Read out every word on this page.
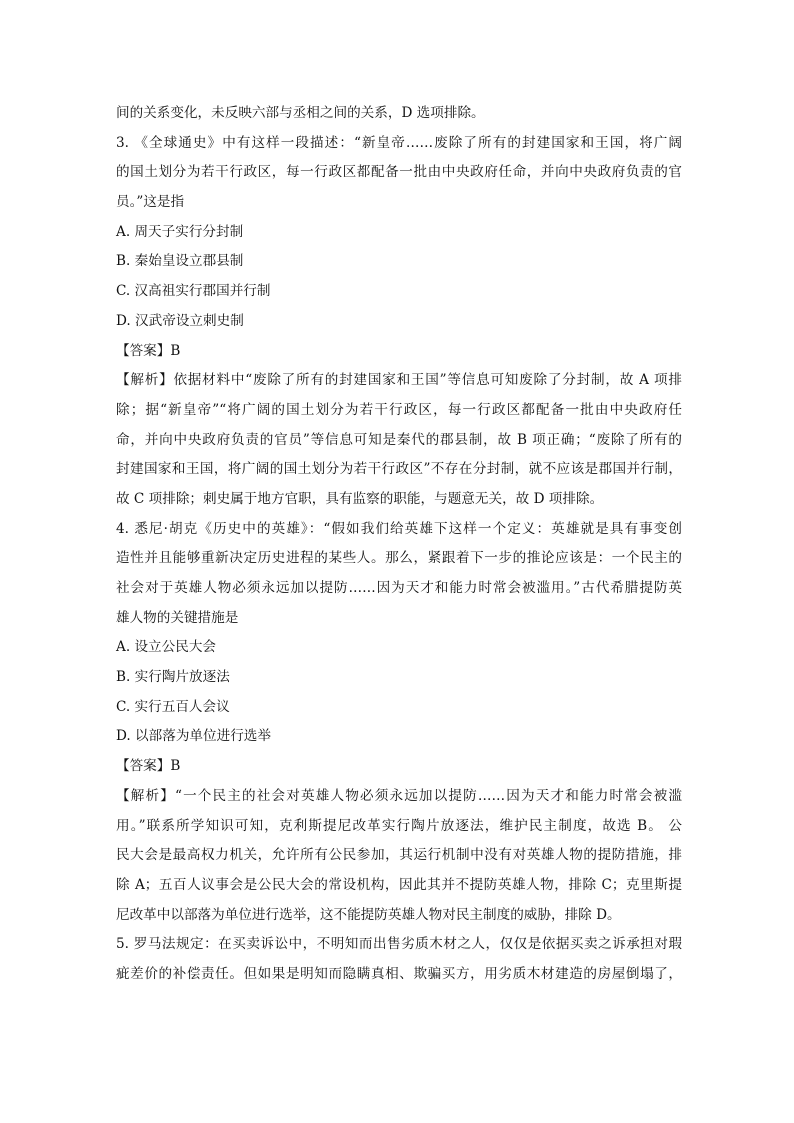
间的关系变化，未反映六部与丞相之间的关系，D 选项排除。
3. 《全球通史》中有这样一段描述：“新皇帝……废除了所有的封建国家和王国，将广阔
的国土划分为若干行政区，每一行政区都配备一批由中央政府任命，并向中央政府负责的官
员。”这是指
A. 周天子实行分封制
B. 秦始皇设立郡县制
C. 汉高祖实行郡国并行制
D. 汉武帝设立刺史制
【答案】B
【解析】依据材料中“废除了所有的封建国家和王国”等信息可知废除了分封制，故 A 项排
除；据“新皇帝”“将广阔的国土划分为若干行政区，每一行政区都配备一批由中央政府任
命，并向中央政府负责的官员”等信息可知是秦代的郡县制，故 B 项正确；“废除了所有的
封建国家和王国，将广阔的国土划分为若干行政区”不存在分封制，就不应该是郡国并行制，
故 C 项排除；刺史属于地方官职，具有监察的职能，与题意无关，故 D 项排除。
4. 悉尼·胡克《历史中的英雄》：“假如我们给英雄下这样一个定义：英雄就是具有事变创
造性并且能够重新决定历史进程的某些人。那么，紧跟着下一步的推论应该是：一个民主的
社会对于英雄人物必须永远加以提防……因为天才和能力时常会被滥用。”古代希腊提防英
雄人物的关键措施是
A. 设立公民大会
B. 实行陶片放逐法
C. 实行五百人会议
D. 以部落为单位进行选举
【答案】B
【解析】“一个民主的社会对英雄人物必须永远加以提防……因为天才和能力时常会被滥
用。”联系所学知识可知，克利斯提尼改革实行陶片放逐法，维护民主制度，故选 B。 公
民大会是最高权力机关，允许所有公民参加，其运行机制中没有对英雄人物的提防措施，排
除 A；五百人议事会是公民大会的常设机构，因此其并不提防英雄人物，排除 C；克里斯提
尼改革中以部落为单位进行选举，这不能提防英雄人物对民主制度的威胁，排除 D。
5. 罗马法规定：在买卖诉讼中，不明知而出售劣质木材之人，仅仅是依据买卖之诉承担对瑕
疵差价的补偿责任。但如果是明知而隐瞒真相、欺骗买方，用劣质木材建造的房屋倒塌了，
